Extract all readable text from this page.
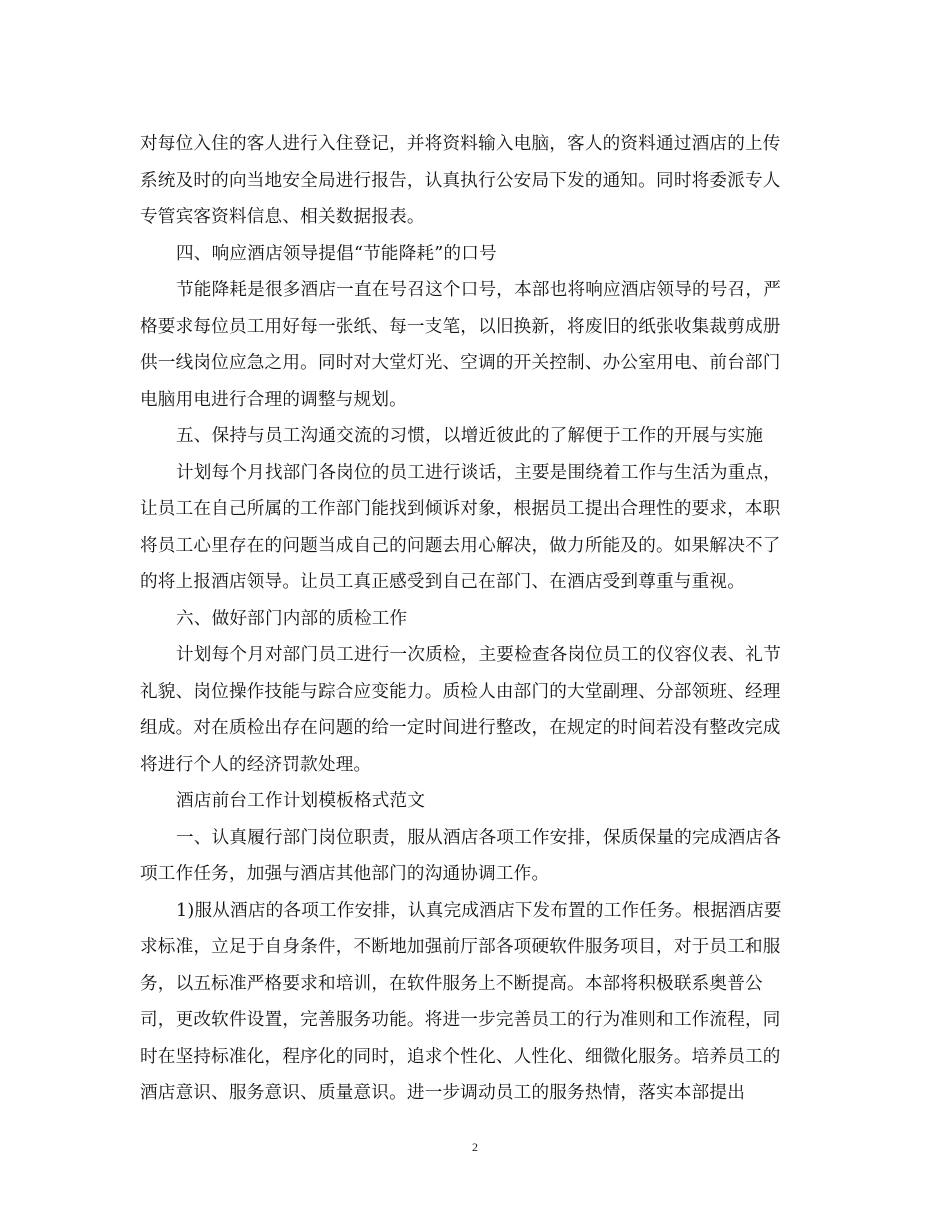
对每位入住的客人进行入住登记，并将资料输入电脑，客人的资料通过酒店的上传
系统及时的向当地安全局进行报告，认真执行公安局下发的通知。同时将委派专人
专管宾客资料信息、相关数据报表。
四、响应酒店领导提倡“节能降耗”的口号
节能降耗是很多酒店一直在号召这个口号，本部也将响应酒店领导的号召，严
格要求每位员工用好每一张纸、每一支笔，以旧换新，将废旧的纸张收集裁剪成册
供一线岗位应急之用。同时对大堂灯光、空调的开关控制、办公室用电、前台部门
电脑用电进行合理的调整与规划。
五、保持与员工沟通交流的习惯，以增近彼此的了解便于工作的开展与实施
计划每个月找部门各岗位的员工进行谈话，主要是围绕着工作与生活为重点，
让员工在自己所属的工作部门能找到倾诉对象，根据员工提出合理性的要求，本职
将员工心里存在的问题当成自己的问题去用心解决，做力所能及的。如果解决不了
的将上报酒店领导。让员工真正感受到自己在部门、在酒店受到尊重与重视。
六、做好部门内部的质检工作
计划每个月对部门员工进行一次质检，主要检查各岗位员工的仪容仪表、礼节
礼貌、岗位操作技能与踪合应变能力。质检人由部门的大堂副理、分部领班、经理
组成。对在质检出存在问题的给一定时间进行整改，在规定的时间若没有整改完成
将进行个人的经济罚款处理。
酒店前台工作计划模板格式范文
一、认真履行部门岗位职责，服从酒店各项工作安排，保质保量的完成酒店各
项工作任务，加强与酒店其他部门的沟通协调工作。
1)服从酒店的各项工作安排，认真完成酒店下发布置的工作任务。根据酒店要
求标准，立足于自身条件，不断地加强前厅部各项硬软件服务项目，对于员工和服
务，以五标准严格要求和培训，在软件服务上不断提高。本部将积极联系奥普公
司，更改软件设置，完善服务功能。将进一步完善员工的行为准则和工作流程，同
时在坚持标准化，程序化的同时，追求个性化、人性化、细微化服务。培养员工的
酒店意识、服务意识、质量意识。进一步调动员工的服务热情，落实本部提出
2
